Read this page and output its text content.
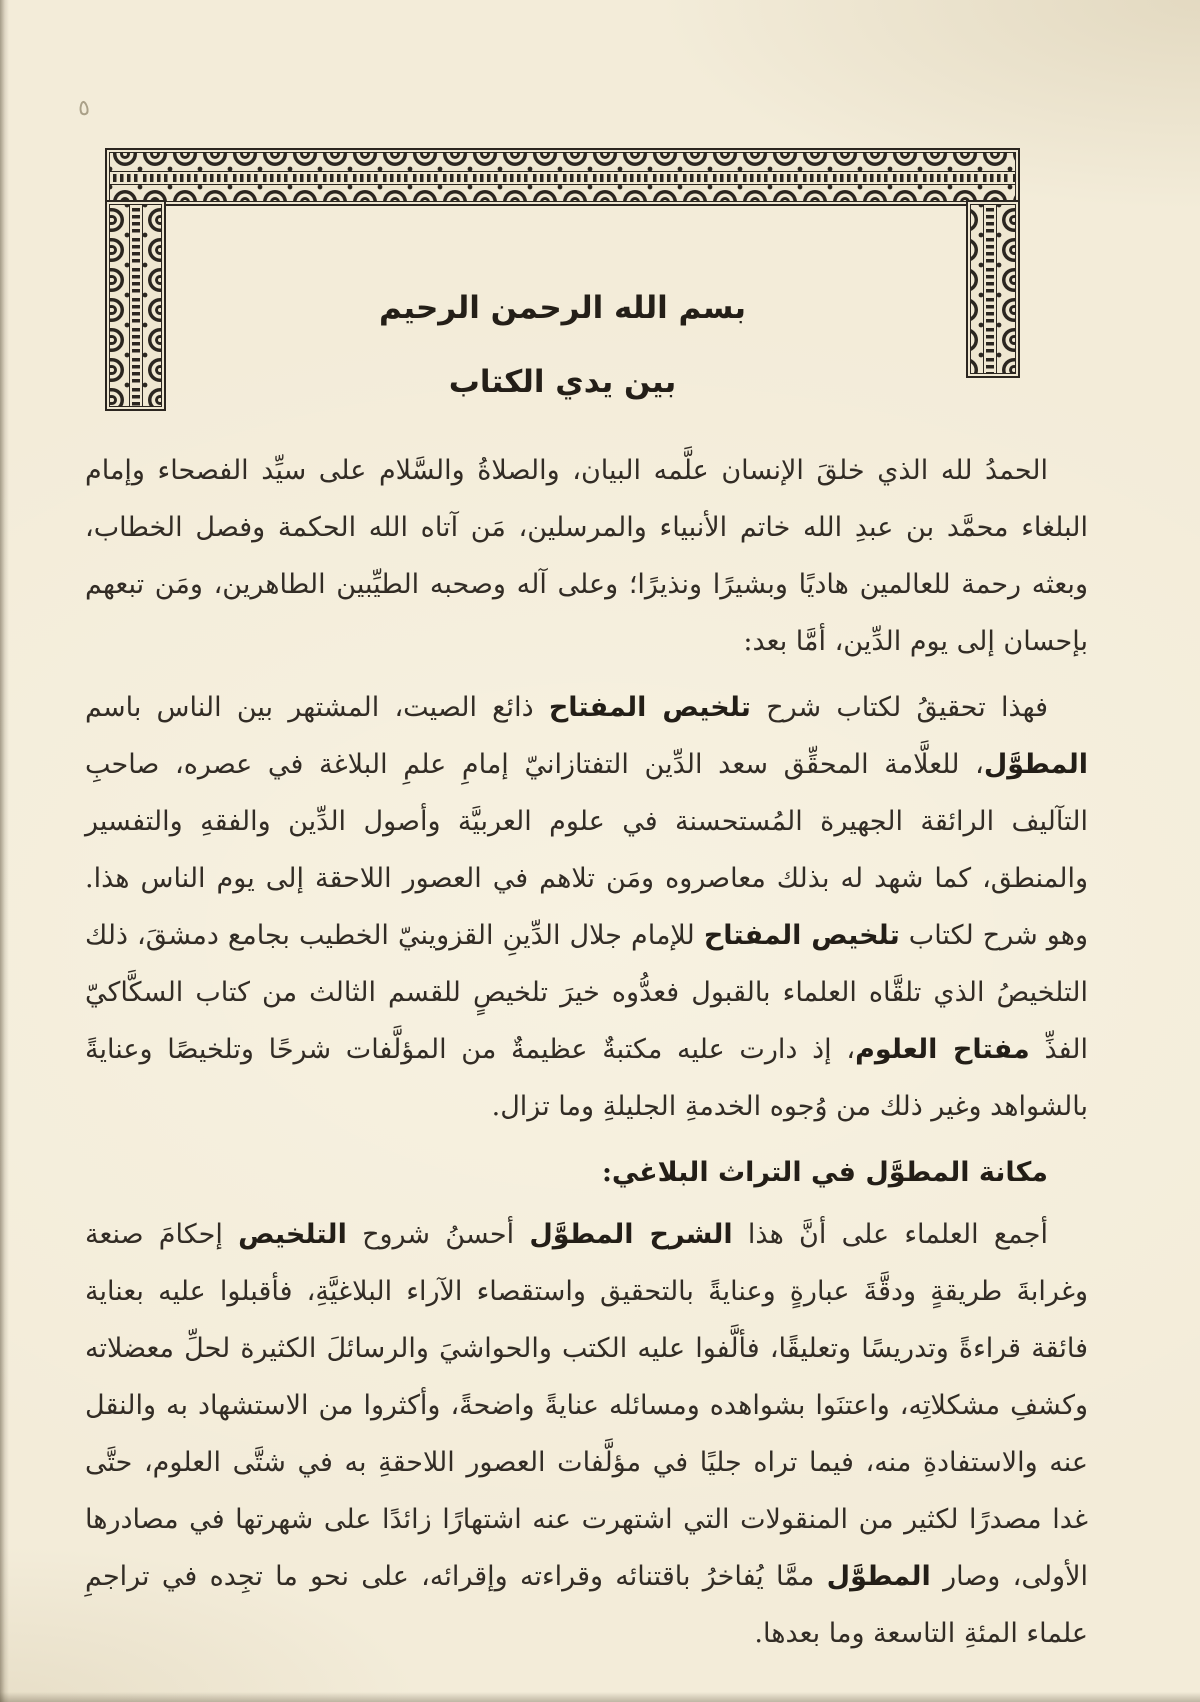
٥
بسم الله الرحمن الرحيم
بين يدي الكتاب

الحمدُ لله الذي خلقَ الإنسان علَّمه البيان، والصلاةُ والسَّلام على سيِّد الفصحاء وإمام البلغاء محمَّد بن عبدِ الله خاتم الأنبياء والمرسلين، مَن آتاه الله الحكمة وفصل الخطاب، وبعثه رحمة للعالمين هاديًا وبشيرًا ونذيرًا؛ وعلى آله وصحبه الطيِّبين الطاهرين، ومَن تبعهم بإحسان إلى يوم الدِّين، أمَّا بعد:

فهذا تحقيقُ لكتاب شرح تلخيص المفتاح ذائع الصيت، المشتهر بين الناس باسم المطوَّل، للعلَّامة المحقِّق سعد الدِّين التفتازانيّ إمامِ علمِ البلاغة في عصره، صاحبِ التآليف الرائقة الجهيرة المُستحسنة في علوم العربيَّة وأصول الدِّين والفقهِ والتفسير والمنطق، كما شهد له بذلك معاصروه ومَن تلاهم في العصور اللاحقة إلى يوم الناس هذا. وهو شرح لكتاب تلخيص المفتاح للإمام جلال الدِّينِ القزوينيّ الخطيب بجامع دمشقَ، ذلك التلخيصُ الذي تلقَّاه العلماء بالقبول فعدُّوه خيرَ تلخيصٍ للقسم الثالث من كتاب السكَّاكيّ الفذِّ مفتاح العلوم، إذ دارت عليه مكتبةٌ عظيمةٌ من المؤلَّفات شرحًا وتلخيصًا وعنايةً بالشواهد وغير ذلك من وُجوه الخدمةِ الجليلةِ وما تزال.

مكانة المطوَّل في التراث البلاغي:

أجمع العلماء على أنَّ هذا الشرح المطوَّل أحسنُ شروح التلخيص إحكامَ صنعة وغرابةَ طريقةٍ ودقَّةَ عبارةٍ وعنايةً بالتحقيق واستقصاء الآراء البلاغيَّةِ، فأقبلوا عليه بعناية فائقة قراءةً وتدريسًا وتعليقًا، فألَّفوا عليه الكتب والحواشيَ والرسائلَ الكثيرة لحلِّ معضلاته وكشفِ مشكلاتِه، واعتنَوا بشواهده ومسائله عنايةً واضحةً، وأكثروا من الاستشهاد به والنقل عنه والاستفادةِ منه، فيما تراه جليًا في مؤلَّفات العصور اللاحقةِ به في شتَّى العلوم، حتَّى غدا مصدرًا لكثير من المنقولات التي اشتهرت عنه اشتهارًا زائدًا على شهرتها في مصادرها الأولى، وصار المطوَّل ممَّا يُفاخرُ باقتنائه وقراءته وإقرائه، على نحو ما تجِده في تراجمِ علماء المئةِ التاسعة وما بعدها.
